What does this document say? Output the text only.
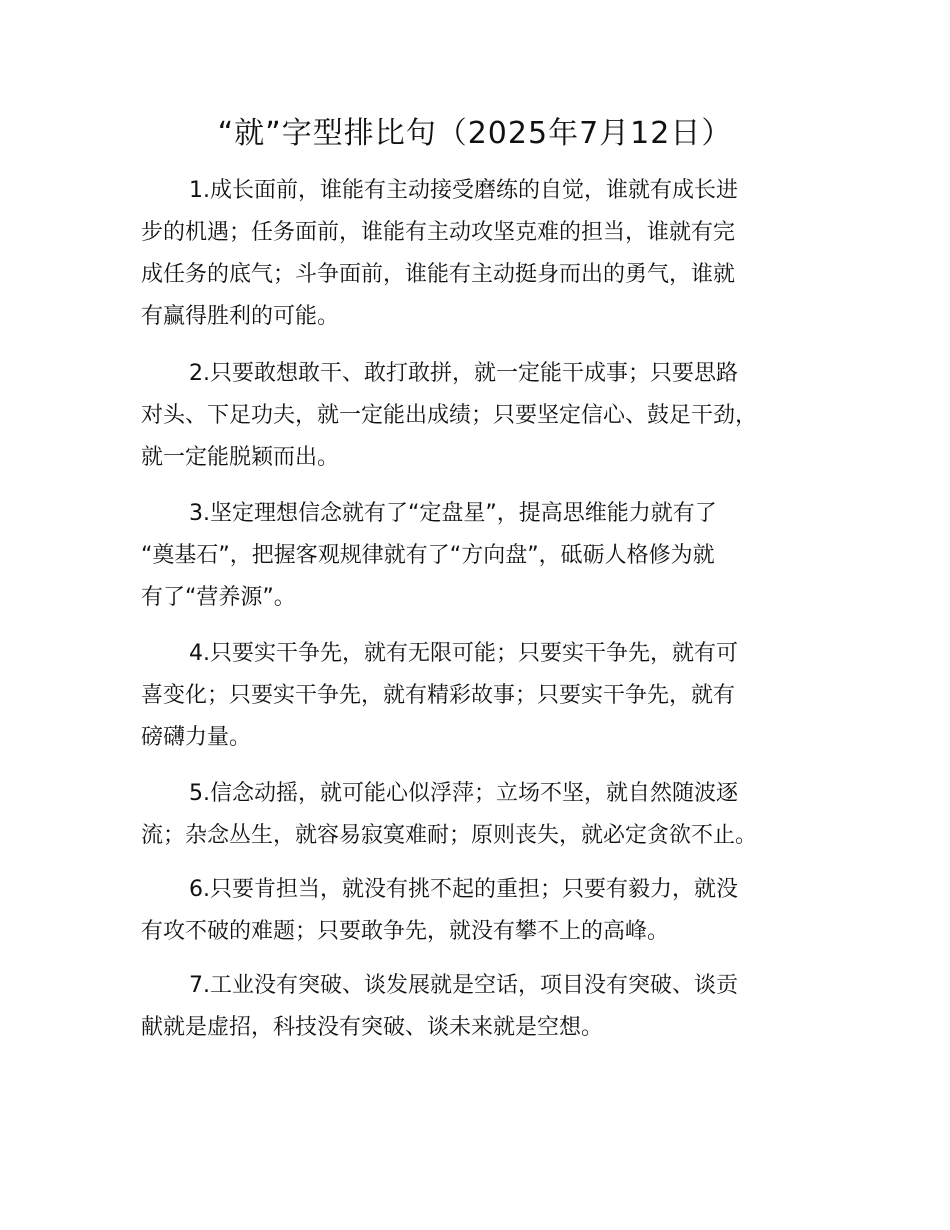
“就”字型排比句（2025年7月12日）
1.成长面前，谁能有主动接受磨练的自觉，谁就有成长进
步的机遇；任务面前，谁能有主动攻坚克难的担当，谁就有完
成任务的底气；斗争面前，谁能有主动挺身而出的勇气，谁就
有赢得胜利的可能。
2.只要敢想敢干、敢打敢拼，就一定能干成事；只要思路
对头、下足功夫，就一定能出成绩；只要坚定信心、鼓足干劲，
就一定能脱颖而出。
3.坚定理想信念就有了“定盘星”，提高思维能力就有了
“奠基石”，把握客观规律就有了“方向盘”，砥砺人格修为就
有了“营养源”。
4.只要实干争先，就有无限可能；只要实干争先，就有可
喜变化；只要实干争先，就有精彩故事；只要实干争先，就有
磅礴力量。
5.信念动摇，就可能心似浮萍；立场不坚，就自然随波逐
流；杂念丛生，就容易寂寞难耐；原则丧失，就必定贪欲不止。
6.只要肯担当，就没有挑不起的重担；只要有毅力，就没
有攻不破的难题；只要敢争先，就没有攀不上的高峰。
7.工业没有突破、谈发展就是空话，项目没有突破、谈贡
献就是虚招，科技没有突破、谈未来就是空想。
